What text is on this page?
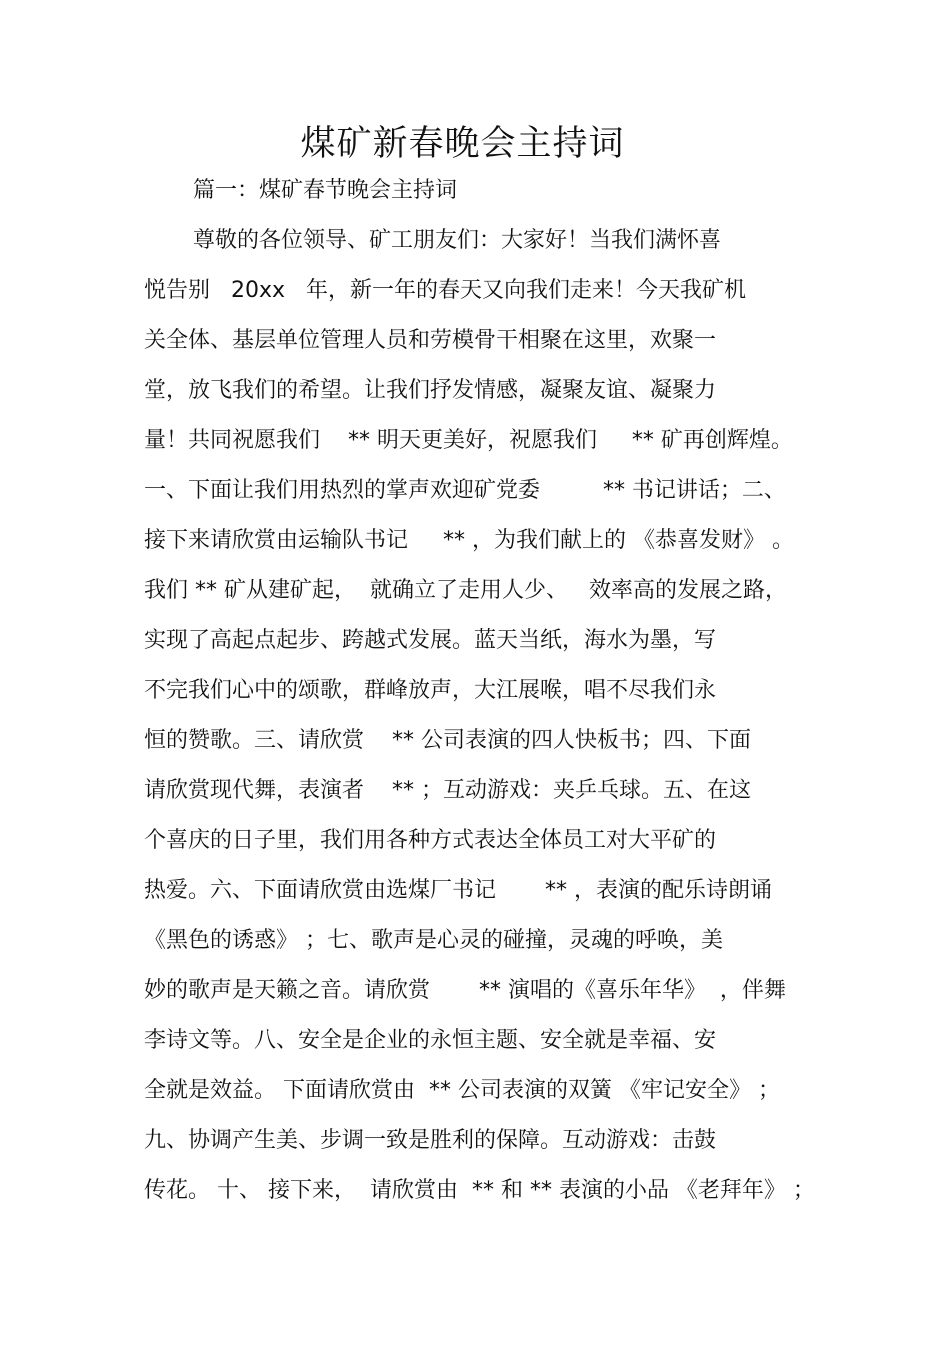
煤矿新春晚会主持词
篇一：煤矿春节晚会主持词
尊敬的各位领导、矿工朋友们：大家好！当我们满怀喜
悦告别   20xx   年，新一年的春天又向我们走来！今天我矿机
关全体、基层单位管理人员和劳模骨干相聚在这里，欢聚一
堂，放飞我们的希望。让我们抒发情感，凝聚友谊、凝聚力
量！共同祝愿我们    ** 明天更美好，祝愿我们     ** 矿再创辉煌。
一、下面让我们用热烈的掌声欢迎矿党委         ** 书记讲话；二、
接下来请欣赏由运输队书记     ** ，为我们献上的 《恭喜发财》 。
我们 ** 矿从建矿起，  就确立了走用人少、   效率高的发展之路，
实现了高起点起步、跨越式发展。蓝天当纸，海水为墨，写
不完我们心中的颂歌，群峰放声，大江展喉，唱不尽我们永
恒的赞歌。三、请欣赏    ** 公司表演的四人快板书；四、下面
请欣赏现代舞，表演者    ** ；互动游戏：夹乒乓球。五、在这
个喜庆的日子里，我们用各种方式表达全体员工对大平矿的
热爱。六、下面请欣赏由选煤厂书记       ** ，表演的配乐诗朗诵
《黑色的诱惑》 ；七、歌声是心灵的碰撞，灵魂的呼唤，美
妙的歌声是天籁之音。请欣赏       ** 演唱的《喜乐年华》  ，伴舞
李诗文等。八、安全是企业的永恒主题、安全就是幸福、安
全就是效益。 下面请欣赏由  ** 公司表演的双簧 《牢记安全》 ；
九、协调产生美、步调一致是胜利的保障。互动游戏：击鼓
传花。 十、 接下来，  请欣赏由  ** 和 ** 表演的小品 《老拜年》 ；
